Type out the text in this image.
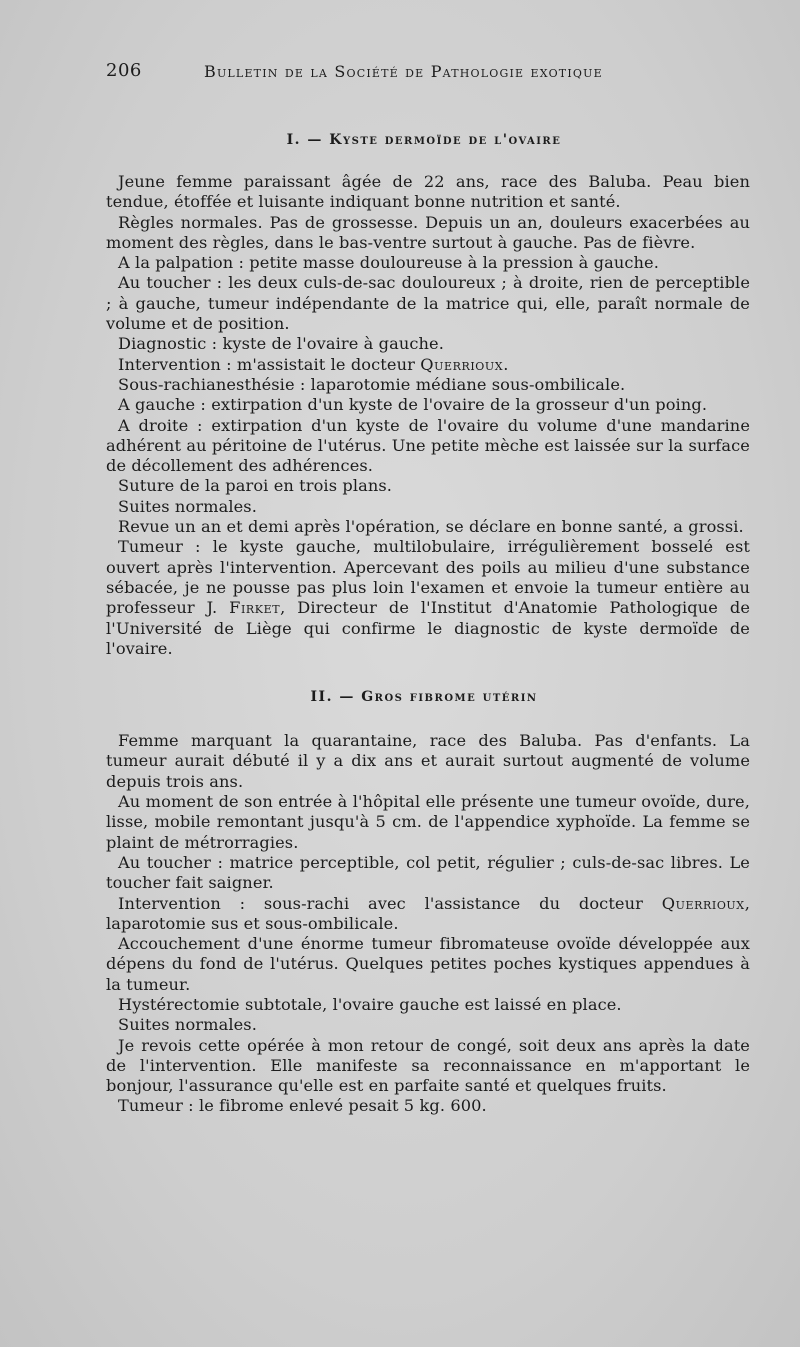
206	Bulletin de la Société de Pathologie exotique
I. — Kyste dermoïde de l'ovaire

Jeune femme paraissant âgée de 22 ans, race des Baluba. Peau bien tendue, étoffée et luisante indiquant bonne nutrition et santé.

Règles normales. Pas de grossesse. Depuis un an, douleurs exacerbées au moment des règles, dans le bas-ventre surtout à gauche. Pas de fièvre.

A la palpation : petite masse douloureuse à la pression à gauche.

Au toucher : les deux culs-de-sac douloureux ; à droite, rien de perceptible ; à gauche, tumeur indépendante de la matrice qui, elle, paraît normale de volume et de position.

Diagnostic : kyste de l'ovaire à gauche.

Intervention : m'assistait le docteur Querrioux.

Sous-rachianesthésie : laparotomie médiane sous-ombilicale.

A gauche : extirpation d'un kyste de l'ovaire de la grosseur d'un poing.

A droite : extirpation d'un kyste de l'ovaire du volume d'une mandarine adhérent au péritoine de l'utérus. Une petite mèche est laissée sur la surface de décollement des adhérences.

Suture de la paroi en trois plans.

Suites normales.

Revue un an et demi après l'opération, se déclare en bonne santé, a grossi.

Tumeur : le kyste gauche, multilobulaire, irrégulièrement bosselé est ouvert après l'intervention. Apercevant des poils au milieu d'une substance sébacée, je ne pousse pas plus loin l'examen et envoie la tumeur entière au professeur J. Firket, Directeur de l'Institut d'Anatomie Pathologique de l'Université de Liège qui confirme le diagnostic de kyste dermoïde de l'ovaire.

II. — Gros fibrome utérin

Femme marquant la quarantaine, race des Baluba. Pas d'enfants. La tumeur aurait débuté il y a dix ans et aurait surtout augmenté de volume depuis trois ans.

Au moment de son entrée à l'hôpital elle présente une tumeur ovoïde, dure, lisse, mobile remontant jusqu'à 5 cm. de l'appendice xyphoïde. La femme se plaint de métrorragies.

Au toucher : matrice perceptible, col petit, régulier ; culs-de-sac libres. Le toucher fait saigner.

Intervention : sous-rachi avec l'assistance du docteur Querrioux, laparotomie sus et sous-ombilicale.

Accouchement d'une énorme tumeur fibromateuse ovoïde développée aux dépens du fond de l'utérus. Quelques petites poches kystiques appendues à la tumeur.

Hystérectomie subtotale, l'ovaire gauche est laissé en place.

Suites normales.

Je revois cette opérée à mon retour de congé, soit deux ans après la date de l'intervention. Elle manifeste sa reconnaissance en m'apportant le bonjour, l'assurance qu'elle est en parfaite santé et quelques fruits.

Tumeur : le fibrome enlevé pesait 5 kg. 600.
